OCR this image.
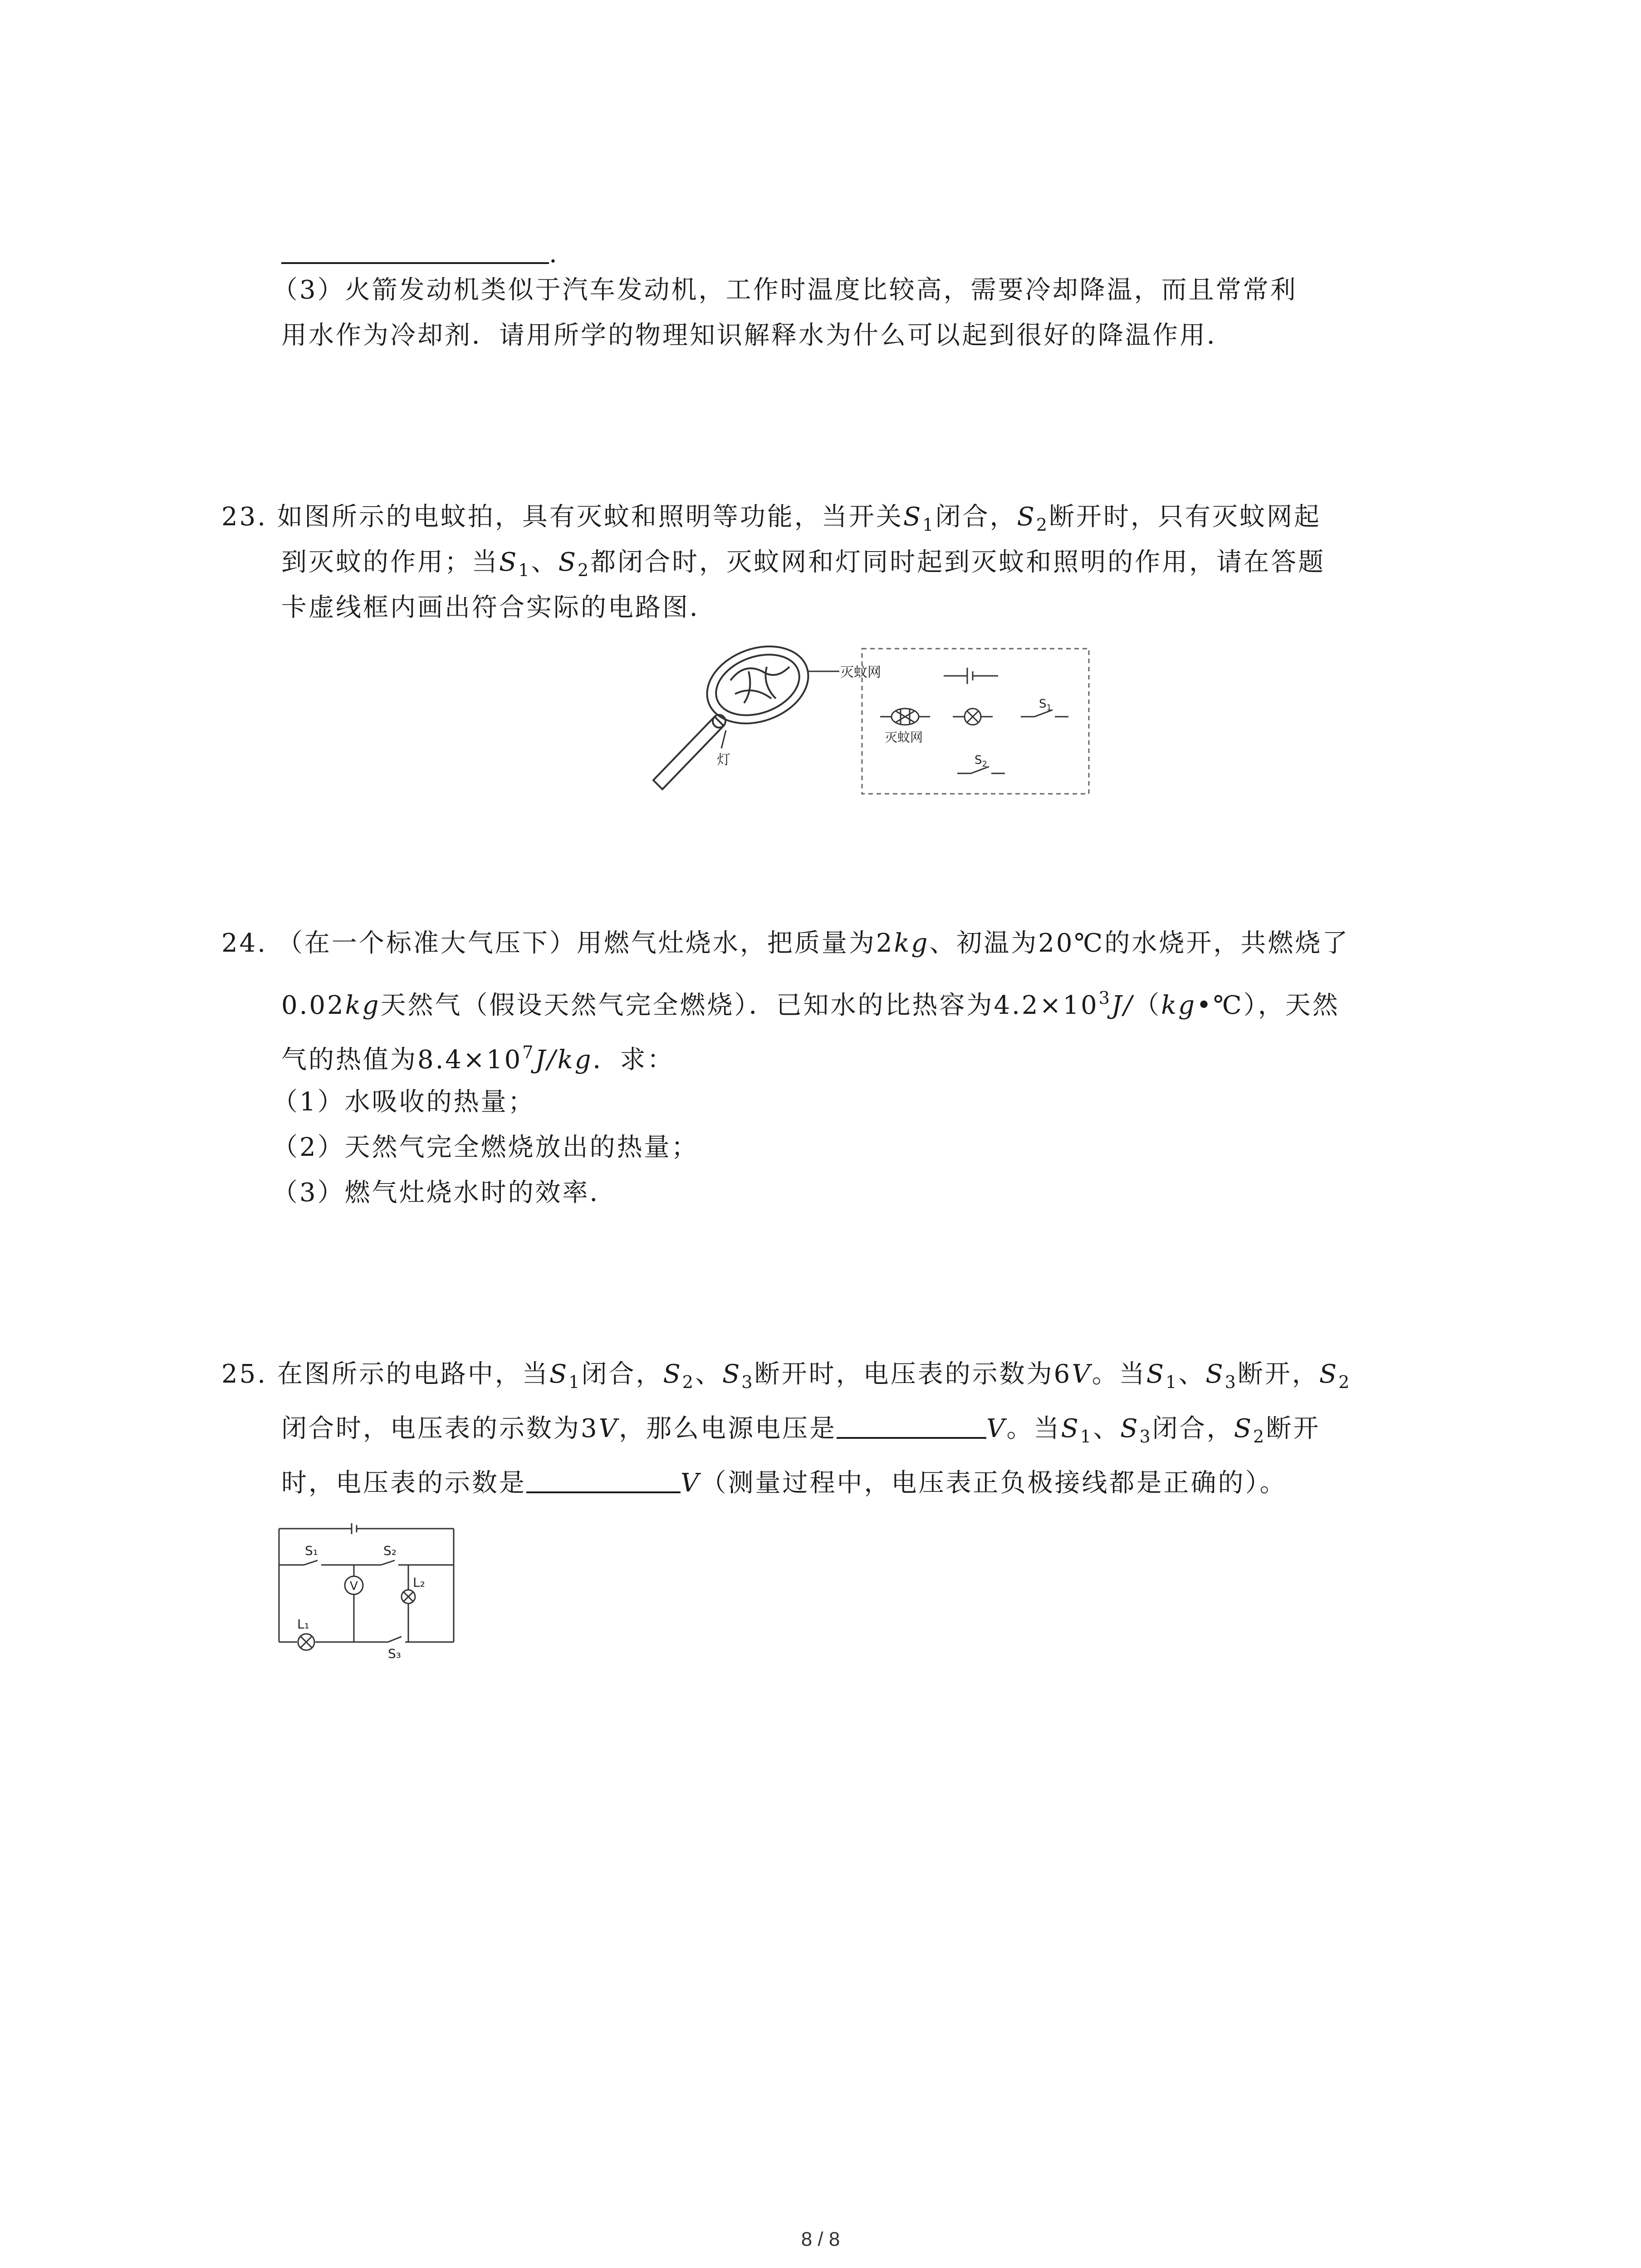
.
（3）火箭发动机类似于汽车发动机，工作时温度比较高，需要冷却降温，而且常常利
用水作为冷却剂．请用所学的物理知识解释水为什么可以起到很好的降温作用．
23. 如图所示的电蚊拍，具有灭蚊和照明等功能，当开关$S_1$闭合，$S_2$断开时，只有灭蚊网起
到灭蚊的作用；当$S_1$、$S_2$都闭合时，灭蚊网和灯同时起到灭蚊和照明的作用，请在答题
卡虚线框内画出符合实际的电路图．
灭蚊网
灯
灭蚊网
$S_1$
$S_2$
24. （在一个标准大气压下）用燃气灶烧水，把质量为2kg、初温为20℃的水烧开，共燃烧了
0.02kg天然气（假设天然气完全燃烧）．已知水的比热容为$4.2\times 10^3J/(kg•℃)$，天然
气的热值为$8.4\times 10^7J/kg$．求：
（1）水吸收的热量；
（2）天然气完全燃烧放出的热量；
（3）燃气灶烧水时的效率．
25. 在图所示的电路中，当$S_1$闭合，$S_2$、$S_3$断开时，电压表的示数为6V。当$S_1$、$S_3$断开，$S_2$
闭合时，电压表的示数为3V，那么电源电压是	V。当$S_1$、$S_3$闭合，$S_2$断开
时，电压表的示数是	V（测量过程中，电压表正负极接线都是正确的）。
V
S₁	S₂
S₃
L₁
L₂
8 / 8
